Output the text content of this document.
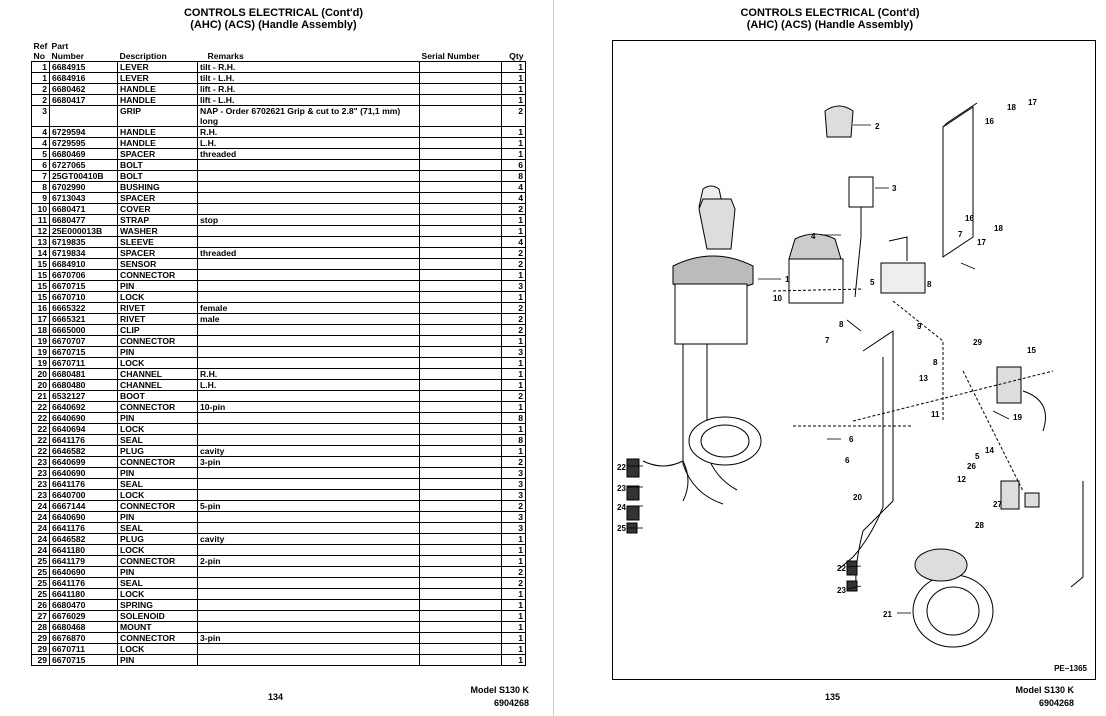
CONTROLS ELECTRICAL (Cont'd)
(AHC) (ACS) (Handle Assembly)
Ref
No	Part
Number	Description	Remarks	Serial Number	Qty
1	6684915	LEVER	tilt - R.H.		1
1	6684916	LEVER	tilt - L.H.		1
2	6680462	HANDLE	lift - R.H.		1
2	6680417	HANDLE	lift - L.H.		1
3		GRIP	NAP - Order 6702621 Grip & cut to 2.8" (71,1 mm) long		2
4	6729594	HANDLE	R.H.		1
4	6729595	HANDLE	L.H.		1
5	6680469	SPACER	threaded		1
6	6727065	BOLT			6
7	25GT00410B	BOLT			8
8	6702990	BUSHING			4
9	6713043	SPACER			4
10	6680471	COVER			2
11	6680477	STRAP	stop		1
12	25E000013B	WASHER			1
13	6719835	SLEEVE			4
14	6719834	SPACER	threaded		2
15	6684910	SENSOR			2
15	6670706	CONNECTOR			1
15	6670715	PIN			3
15	6670710	LOCK			1
16	6665322	RIVET	female		2
17	6665321	RIVET	male		2
18	6665000	CLIP			2
19	6670707	CONNECTOR			1
19	6670715	PIN			3
19	6670711	LOCK			1
20	6680481	CHANNEL	R.H.		1
20	6680480	CHANNEL	L.H.		1
21	6532127	BOOT			2
22	6640692	CONNECTOR	10-pin		1
22	6640690	PIN			8
22	6640694	LOCK			1
22	6641176	SEAL			8
22	6646582	PLUG	cavity		1
23	6640699	CONNECTOR	3-pin		2
23	6640690	PIN			3
23	6641176	SEAL			3
23	6640700	LOCK			3
24	6667144	CONNECTOR	5-pin		2
24	6640690	PIN			3
24	6641176	SEAL			3
24	6646582	PLUG	cavity		1
24	6641180	LOCK			1
25	6641179	CONNECTOR	2-pin		1
25	6640690	PIN			2
25	6641176	SEAL			2
25	6641180	LOCK			1
26	6680470	SPRING			1
27	6676029	SOLENOID			1
28	6680468	MOUNT			1
29	6676870	CONNECTOR	3-pin		1
29	6670711	LOCK			1
29	6670715	PIN			1
134
Model S130 K
6904268
CONTROLS ELECTRICAL (Cont'd)
(AHC) (ACS) (Handle Assembly)
1
2
3
4
5
5
6
6
7
7
8
8
8
9
10
11
12
13
14
15
16
16
17
17
18
18
19
20
21
22
22
23
23
24
25
26
27
28
29
PE–1365
135
Model S130 K
6904268
